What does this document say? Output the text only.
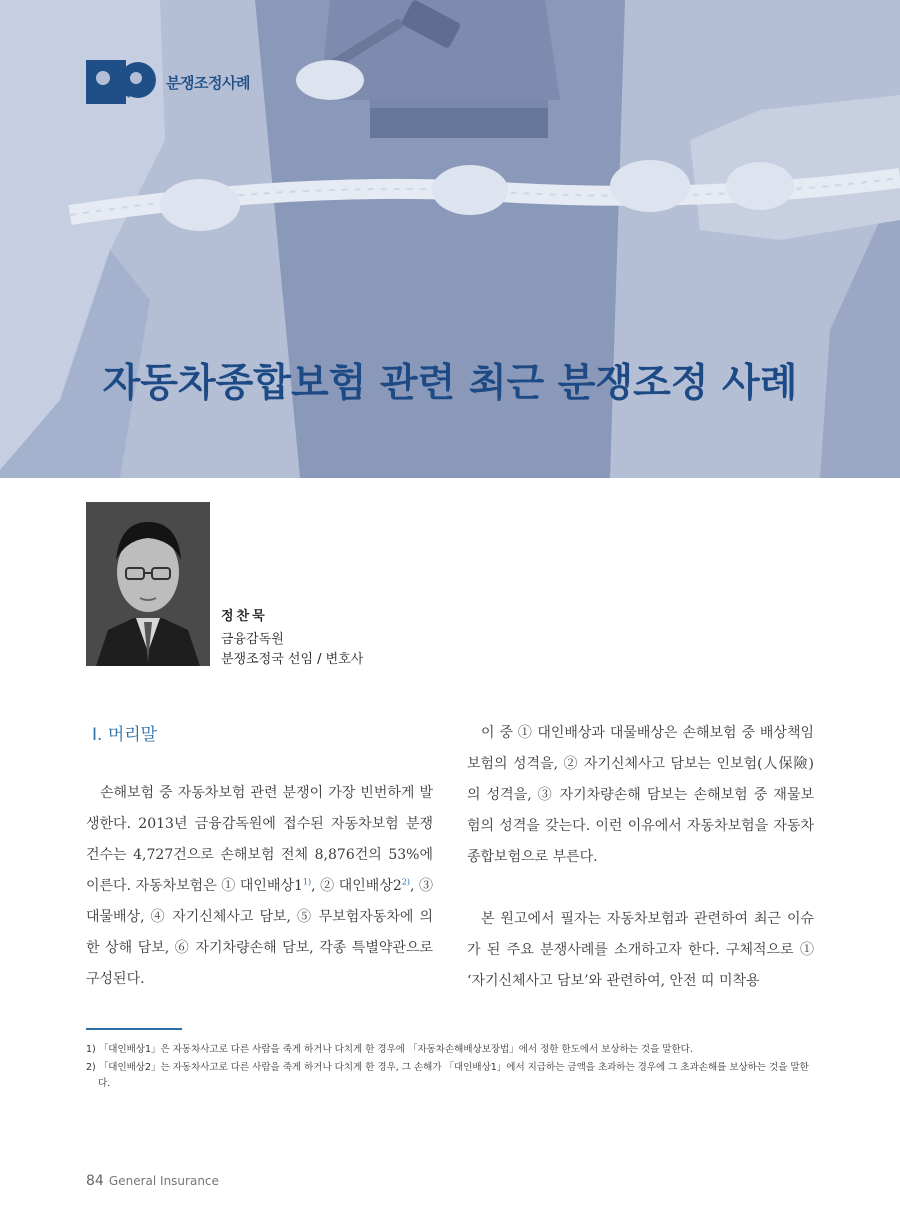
분쟁조정사례
자동차종합보험 관련 최근 분쟁조정 사례
정찬묵
금융감독원
분쟁조정국 선임 / 변호사
Ⅰ. 머리말

손해보험 중 자동차보험 관련 분쟁이 가장 빈번하게 발생한다. 2013년 금융감독원에 접수된 자동차보험 분쟁 건수는 4,727건으로 손해보험 전체 8,876건의 53%에 이른다. 자동차보험은 ① 대인배상1$^{1)}$, ② 대인배상2$^{2)}$, ③ 대물배상, ④ 자기신체사고 담보, ⑤ 무보험자동차에 의한 상해 담보, ⑥ 자기차량손해 담보, 각종 특별약관으로 구성된다.

이 중 ① 대인배상과 대물배상은 손해보험 중 배상책임보험의 성격을, ② 자기신체사고 담보는 인보험(人保險)의 성격을, ③ 자기차량손해 담보는 손해보험 중 재물보험의 성격을 갖는다. 이런 이유에서 자동차보험을 자동차종합보험으로 부른다.

본 원고에서 필자는 자동차보험과 관련하여 최근 이슈가 된 주요 분쟁사례를 소개하고자 한다. 구체적으로 ① ‘자기신체사고 담보’와 관련하여, 안전 띠 미착용

1) 「대인배상1」은 자동차사고로 다른 사람을 죽게 하거나 다치게 한 경우에 「자동차손해배상보장법」에서 정한 한도에서 보상하는 것을 말한다.
2) 「대인배상2」는 자동차사고로 다른 사람을 죽게 하거나 다치게 한 경우, 그 손해가 「대인배상1」에서 지급하는 금액을 초과하는 경우에 그 초과손해를 보상하는 것을 말한다.
84 General Insurance
